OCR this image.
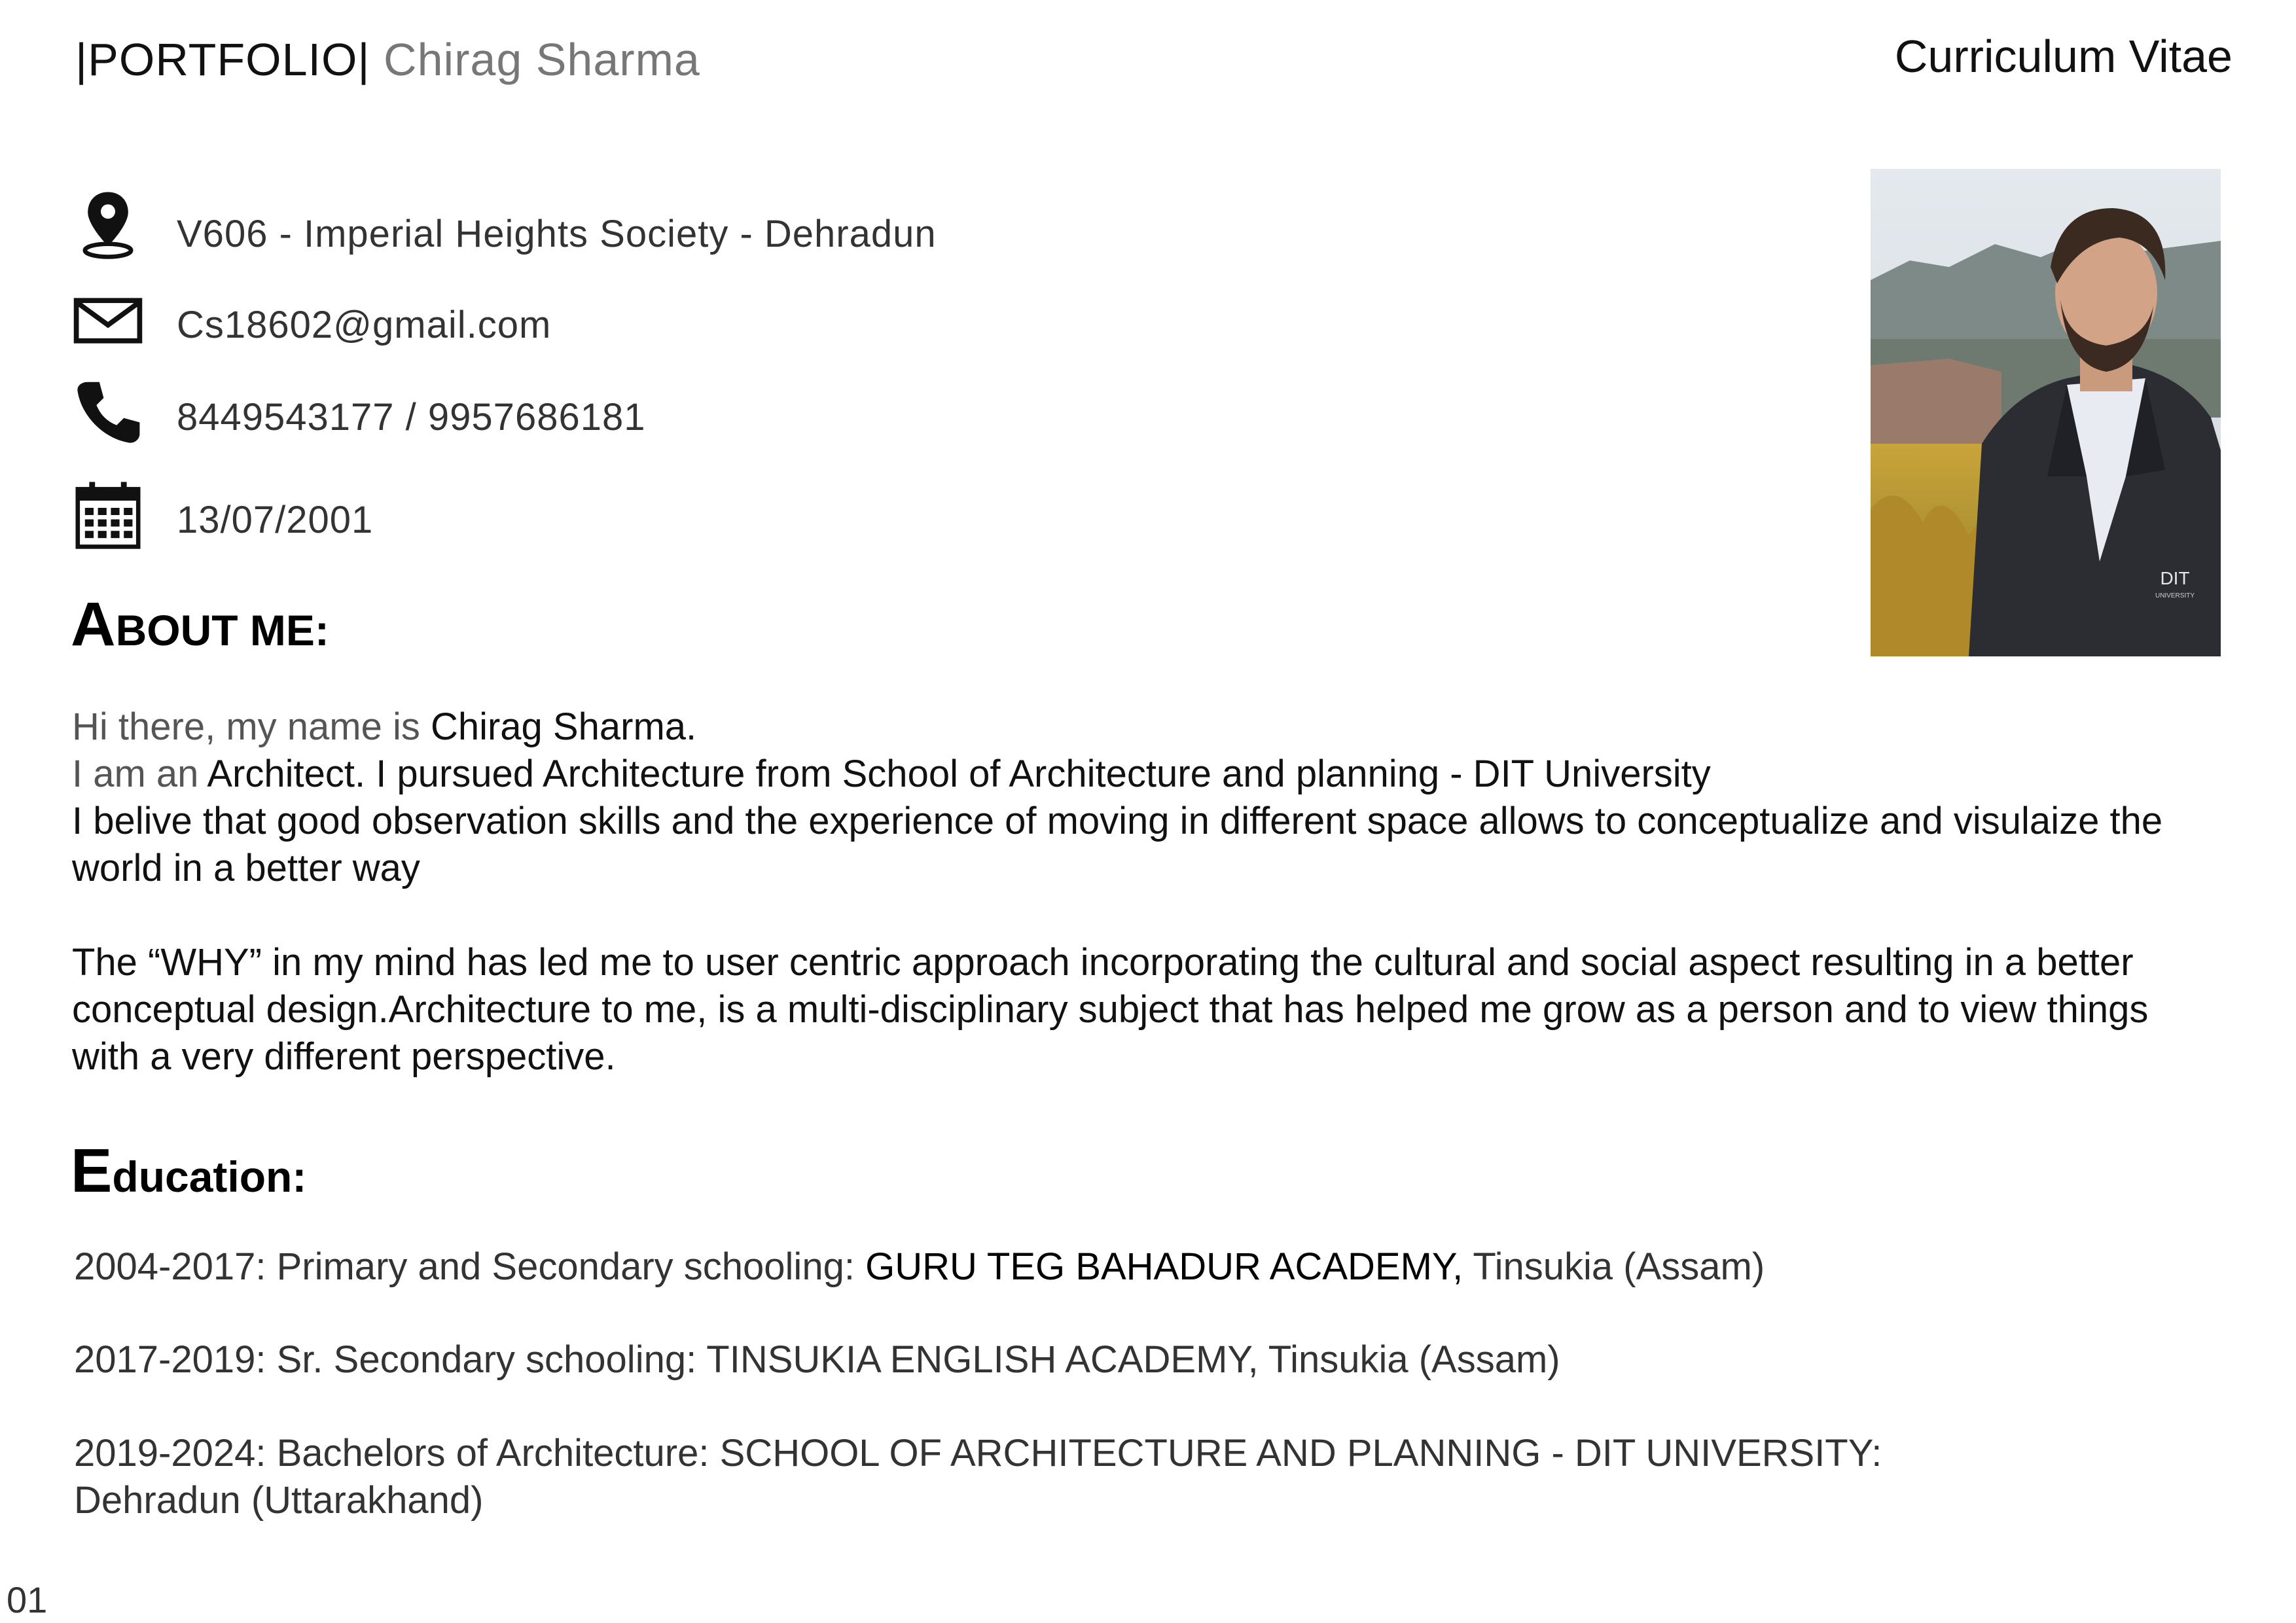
|PORTFOLIO| Chirag Sharma	Curriculum Vitae
V606 - Imperial Heights Society - Dehradun
Cs18602@gmail.com
8449543177 / 9957686181
13/07/2001
DIT
UNIVERSITY
ABOUT ME:

Hi there, my name is Chirag Sharma.

I am an Architect. I pursued Architecture from School of Architecture and planning - DIT University

I belive that good observation skills and the experience of moving in different space allows to conceptualize and visulaize the world in a better way

The “WHY” in my mind has led me to user centric approach incorporating the cultural and social aspect resulting in a better conceptual design.Architecture to me, is a multi-disciplinary subject that has helped me grow as a person and to view things with a very different perspective.

Education:
2004-2017: Primary and Secondary schooling: GURU TEG BAHADUR ACADEMY, Tinsukia (Assam)
2017-2019: Sr. Secondary schooling: TINSUKIA ENGLISH ACADEMY, Tinsukia (Assam)
2019-2024: Bachelors of Architecture: SCHOOL OF ARCHITECTURE AND PLANNING - DIT UNIVERSITY: Dehradun (Uttarakhand)
01
